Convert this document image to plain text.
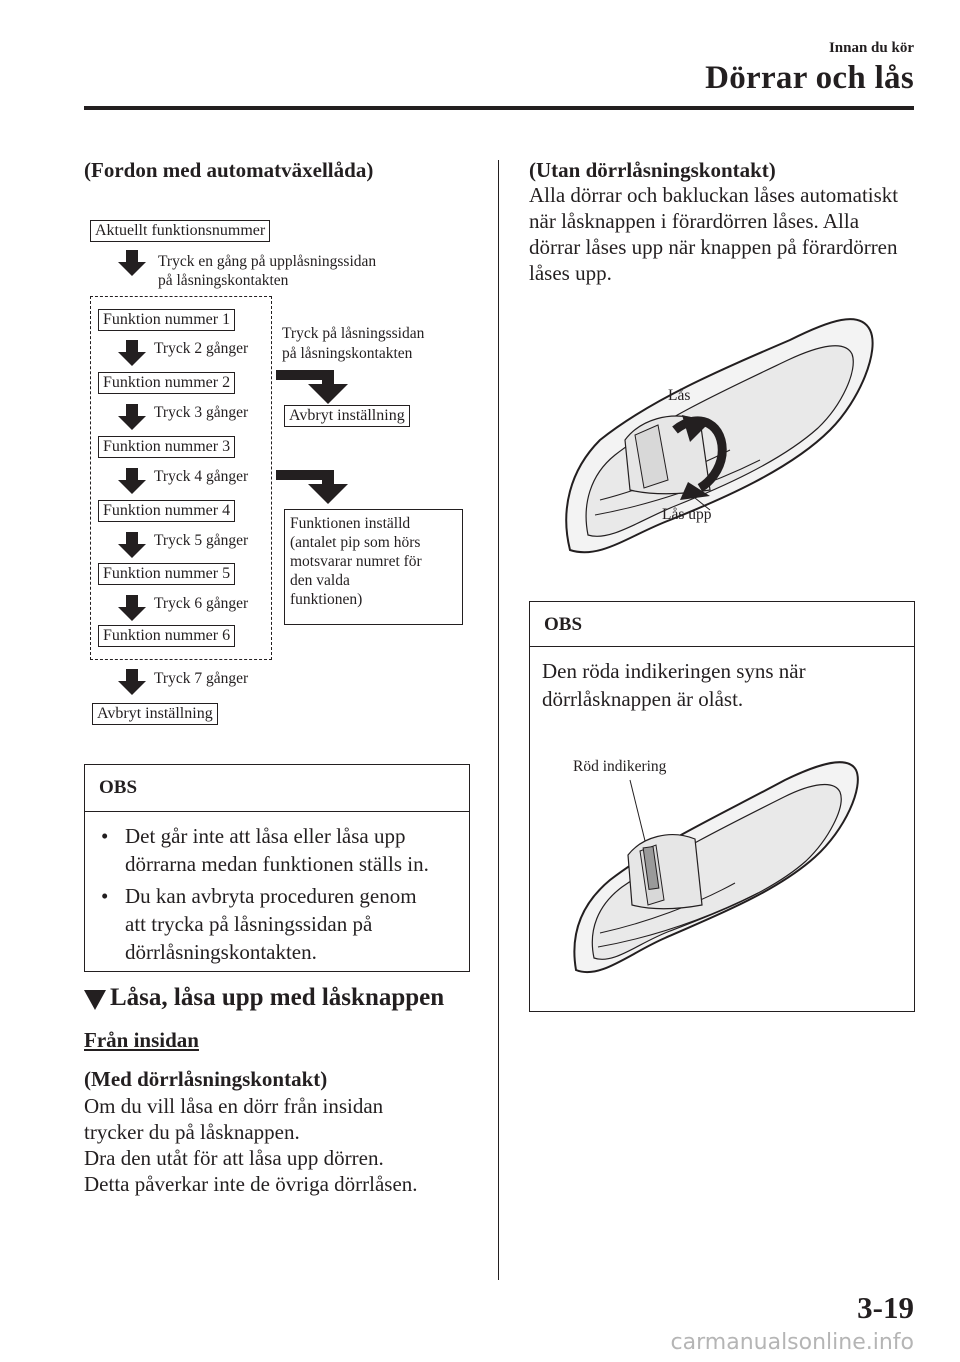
Innan du kör
Dörrar och lås
(Fordon med automatväxellåda)
Aktuellt funktionsnummer
Tryck en gång på upplåsningssidan
på låsningskontakten
Funktion nummer 1
Tryck 2 gånger
Funktion nummer 2
Tryck 3 gånger
Funktion nummer 3
Tryck 4 gånger
Funktion nummer 4
Tryck 5 gånger
Funktion nummer 5
Tryck 6 gånger
Funktion nummer 6
Tryck 7 gånger
Avbryt inställning
Tryck på låsningssidan
på låsningskontakten
Avbryt inställning
Funktionen inställd
(antalet pip som hörs
motsvarar numret för
den valda
funktionen)
OBS
• Det går inte att låsa eller låsa upp
dörrarna medan funktionen ställs in.
• Du kan avbryta proceduren genom
att trycka på låsningssidan på
dörrlåsningskontakten.
Låsa, låsa upp med låsknappen
Från insidan
(Med dörrlåsningskontakt)
Om du vill låsa en dörr från insidan
trycker du på låsknappen.
Dra den utåt för att låsa upp dörren.
Detta påverkar inte de övriga dörrlåsen.
(Utan dörrlåsningskontakt)
Alla dörrar och bakluckan låses automatiskt
när låsknappen i förardörren låses. Alla
dörrar låses upp när knappen på förardörren
låses upp.
Lås
Lås upp
OBS
Den röda indikeringen syns när
dörrlåsknappen är olåst.
Röd indikering
3-19
carmanualsonline.info
